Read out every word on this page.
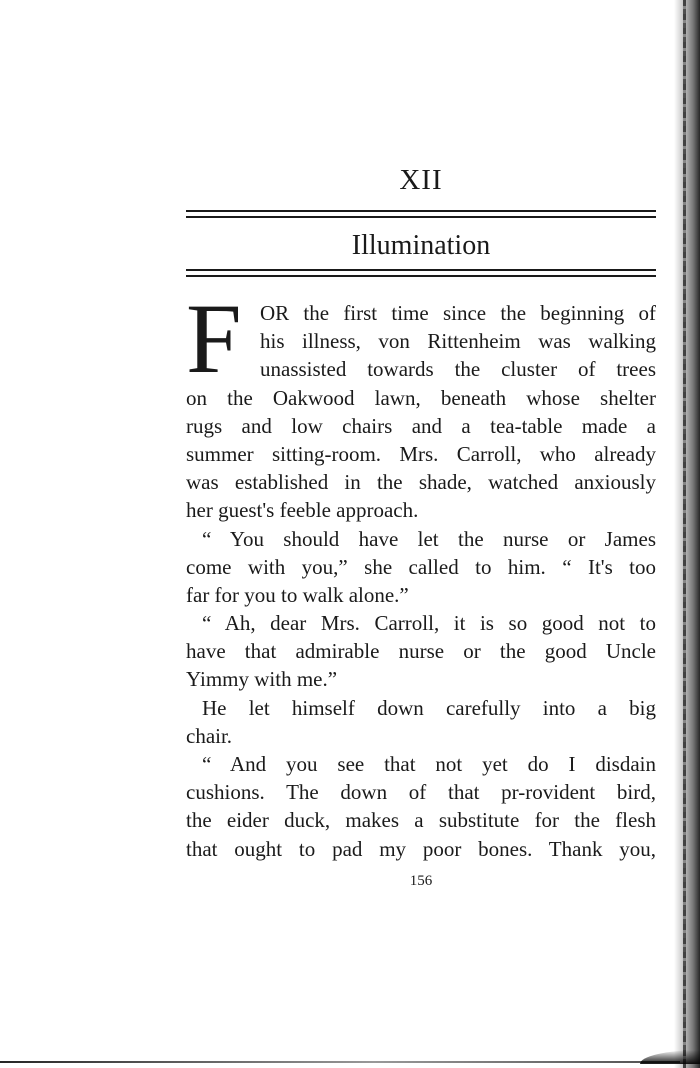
XII
Illumination
F OR the first time since the beginning of
his illness, von Rittenheim was walking
unassisted towards the cluster of trees
on the Oakwood lawn, beneath whose shelter
rugs and low chairs and a tea-table made a
summer sitting-room. Mrs. Carroll, who already
was established in the shade, watched anxiously
her guest's feeble approach.
“ You should have let the nurse or James
come with you,” she called to him. “ It's too
far for you to walk alone.”
“ Ah, dear Mrs. Carroll, it is so good not to
have that admirable nurse or the good Uncle
Yimmy with me.”
He let himself down carefully into a big
chair.
“ And you see that not yet do I disdain
cushions. The down of that pr-rovident bird,
the eider duck, makes a substitute for the flesh
that ought to pad my poor bones. Thank you,
156
